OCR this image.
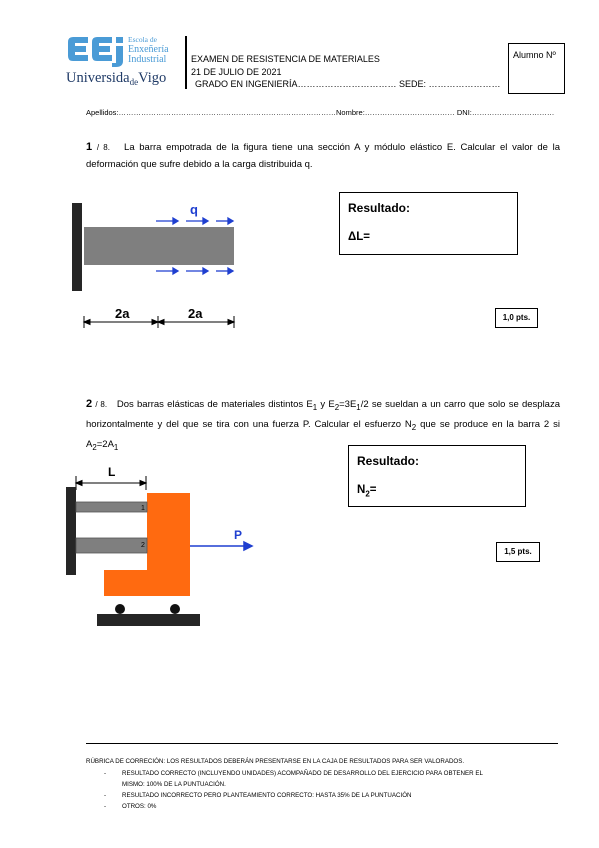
Escola de
Enxeñería
Industrial
Universida$_{de}$Vigo
EXAMEN DE RESISTENCIA DE MATERIALES
21 DE JULIO DE 2021
GRADO EN INGENIERÍA…………………………… SEDE: ……………………
Alumno Nº
Apellidos:……………………………………………………………………………Nombre:……………………………… DNI:……………………………
1 / 8. La barra empotrada de la figura tiene una sección A y módulo elástico E. Calcular el valor de la deformación que sufre debido a la carga distribuida q.
q
2a	2a
Resultado:
ΔL=
1,0 pts.
2 / 8. Dos barras elásticas de materiales distintos $E_1$ y $E_2=3E_1/2$ se sueldan a un carro que solo se desplaza horizontalmente y del que se tira con una fuerza P. Calcular el esfuerzo $N_2$ que se produce en la barra 2 si $A_2=2A_1$
L
1
2
P
Resultado:
$N_2=$
1,5 pts.
RÚBRICA DE CORRECIÓN: LOS RESULTADOS DEBERÁN PRESENTARSE EN LA CAJA DE RESULTADOS PARA SER VALORADOS.
-	RESULTADO CORRECTO (INCLUYENDO UNIDADES) ACOMPAÑADO DE DESARROLLO DEL EJERCICIO PARA OBTENER EL
MISMO: 100% DE LA PUNTUACIÓN.
-	RESULTADO INCORRECTO PERO PLANTEAMIENTO CORRECTO: HASTA 35% DE LA PUNTUACIÓN
-	OTROS: 0%
